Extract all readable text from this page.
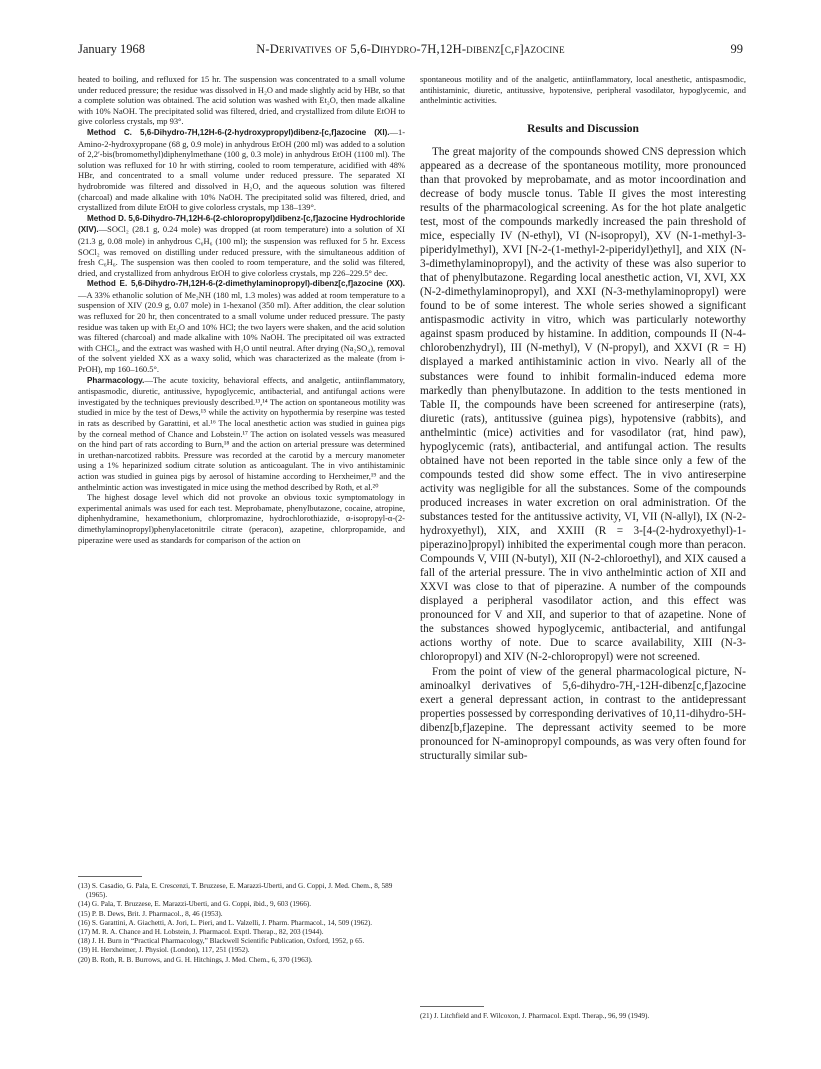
January 1968	N-Derivatives of 5,6-Dihydro-7H,12H-dibenz[c,f]azocine	99

heated to boiling, and refluxed for 15 hr. The suspension was concentrated to a small volume under reduced pressure; the residue was dissolved in H₂O and made slightly acid by HBr, so that a complete solution was obtained. The acid solution was washed with Et₂O, then made alkaline with 10% NaOH. The precipitated solid was filtered, dried, and crystallized from dilute EtOH to give colorless crystals, mp 93°.

Method C. 5,6-Dihydro-7H,12H-6-(2-hydroxypropyl)dibenz-[c,f]azocine (XI).—1-Amino-2-hydroxypropane (68 g, 0.9 mole) in anhydrous EtOH (200 ml) was added to a solution of 2,2′-bis(bromomethyl)diphenylmethane (100 g, 0.3 mole) in anhydrous EtOH (1100 ml). The solution was refluxed for 10 hr with stirring, cooled to room temperature, acidified with 48% HBr, and concentrated to a small volume under reduced pressure. The separated XI hydrobromide was filtered and dissolved in H₂O, and the aqueous solution was filtered (charcoal) and made alkaline with 10% NaOH. The precipitated solid was filtered, dried, and crystallized from dilute EtOH to give colorless crystals, mp 138–139°.

Method D. 5,6-Dihydro-7H,12H-6-(2-chloropropyl)dibenz-[c,f]azocine Hydrochloride (XIV).—SOCl₂ (28.1 g, 0.24 mole) was dropped (at room temperature) into a solution of XI (21.3 g, 0.08 mole) in anhydrous C₆H₆ (100 ml); the suspension was refluxed for 5 hr. Excess SOCl₂ was removed on distilling under reduced pressure, with the simultaneous addition of fresh C₆H₆. The suspension was then cooled to room temperature, and the solid was filtered, dried, and crystallized from anhydrous EtOH to give colorless crystals, mp 226–229.5° dec.

Method E. 5,6-Dihydro-7H,12H-6-(2-dimethylaminopropyl)-dibenz[c,f]azocine (XX).—A 33% ethanolic solution of Me₂NH (180 ml, 1.3 moles) was added at room temperature to a suspension of XIV (20.9 g, 0.07 mole) in 1-hexanol (350 ml). After addition, the clear solution was refluxed for 20 hr, then concentrated to a small volume under reduced pressure. The pasty residue was taken up with Et₂O and 10% HCl; the two layers were shaken, and the acid solution was filtered (charcoal) and made alkaline with 10% NaOH. The precipitated oil was extracted with CHCl₃, and the extract was washed with H₂O until neutral. After drying (Na₂SO₄), removal of the solvent yielded XX as a waxy solid, which was characterized as the maleate (from i-PrOH), mp 160–160.5°.

Pharmacology.—The acute toxicity, behavioral effects, and analgetic, antiinflammatory, antispasmodic, diuretic, antitussive, hypoglycemic, antibacterial, and antifungal actions were investigated by the techniques previously described.¹³,¹⁴ The action on spontaneous motility was studied in mice by the test of Dews,¹⁵ while the activity on hypothermia by reserpine was tested in rats as described by Garattini, et al.¹⁶ The local anesthetic action was studied in guinea pigs by the corneal method of Chance and Lobstein.¹⁷ The action on isolated vessels was measured on the hind part of rats according to Burn,¹⁸ and the action on arterial pressure was determined in urethan-narcotized rabbits. Pressure was recorded at the carotid by a mercury manometer using a 1% heparinized sodium citrate solution as anticoagulant. The in vivo antihistaminic action was studied in guinea pigs by aerosol of histamine according to Herxheimer,¹⁹ and the anthelmintic action was investigated in mice using the method described by Roth, et al.²⁰

The highest dosage level which did not provoke an obvious toxic symptomatology in experimental animals was used for each test. Meprobamate, phenylbutazone, cocaine, atropine, diphenhydramine, hexamethonium, chlorpromazine, hydrochlorothiazide, α-isopropyl-α-(2-dimethylaminopropyl)phenylacetonitrile citrate (peracon), azapetine, chlorpropamide, and piperazine were used as standards for comparison of the action on

(13) S. Casadio, G. Pala, E. Crescenzi, T. Bruzzese, E. Marazzi-Uberti, and G. Coppi, J. Med. Chem., 8, 589 (1965).

(14) G. Pala, T. Bruzzese, E. Marazzi-Uberti, and G. Coppi, ibid., 9, 603 (1966).

(15) P. B. Dews, Brit. J. Pharmacol., 8, 46 (1953).

(16) S. Garattini, A. Giachetti, A. Jori, L. Pieri, and L. Valzelli, J. Pharm. Pharmacol., 14, 509 (1962).

(17) M. R. A. Chance and H. Lobstein, J. Pharmacol. Exptl. Therap., 82, 203 (1944).

(18) J. H. Burn in “Practical Pharmacology,” Blackwell Scientific Publication, Oxford, 1952, p 65.

(19) H. Herxheimer, J. Physiol. (London), 117, 251 (1952).

(20) B. Roth, R. B. Burrows, and G. H. Hitchings, J. Med. Chem., 6, 370 (1963).

spontaneous motility and of the analgetic, antiinflammatory, local anesthetic, antispasmodic, antihistaminic, diuretic, antitussive, hypotensive, peripheral vasodilator, hypoglycemic, and anthelmintic activities.

Results and Discussion

The great majority of the compounds showed CNS depression which appeared as a decrease of the spontaneous motility, more pronounced than that provoked by meprobamate, and as motor incoordination and decrease of body muscle tonus. Table II gives the most interesting results of the pharmacological screening. As for the hot plate analgetic test, most of the compounds markedly increased the pain threshold of mice, especially IV (N-ethyl), VI (N-isopropyl), XV (N-1-methyl-3-piperidylmethyl), XVI [N-2-(1-methyl-2-piperidyl)ethyl], and XIX (N-3-dimethylaminopropyl), and the activity of these was also superior to that of phenylbutazone. Regarding local anesthetic action, VI, XVI, XX (N-2-dimethylaminopropyl), and XXI (N-3-methylaminopropyl) were found to be of some interest. The whole series showed a significant antispasmodic activity in vitro, which was particularly noteworthy against spasm produced by histamine. In addition, compounds II (N-4-chlorobenzhydryl), III (N-methyl), V (N-propyl), and XXVI (R = H) displayed a marked antihistaminic action in vivo. Nearly all of the substances were found to inhibit formalin-induced edema more markedly than phenylbutazone. In addition to the tests mentioned in Table II, the compounds have been screened for antireserpine (rats), diuretic (rats), antitussive (guinea pigs), hypotensive (rabbits), and anthelmintic (mice) activities and for vasodilator (rat, hind paw), hypoglycemic (rats), antibacterial, and antifungal action. The results obtained have not been reported in the table since only a few of the compounds tested did show some effect. The in vivo antireserpine activity was negligible for all the substances. Some of the compounds produced increases in water excretion on oral administration. Of the substances tested for the antitussive activity, VI, VII (N-allyl), IX (N-2-hydroxyethyl), XIX, and XXIII (R = 3-[4-(2-hydroxyethyl)-1-piperazino]propyl) inhibited the experimental cough more than peracon. Compounds V, VIII (N-butyl), XII (N-2-chloroethyl), and XIX caused a fall of the arterial pressure. The in vivo anthelmintic action of XII and XXVI was close to that of piperazine. A number of the compounds displayed a peripheral vasodilator action, and this effect was pronounced for V and XII, and superior to that of azapetine. None of the substances showed hypoglycemic, antibacterial, and antifungal actions worthy of note. Due to scarce availability, XIII (N-3-chloropropyl) and XIV (N-2-chloropropyl) were not screened.

From the point of view of the general pharmacological picture, N-aminoalkyl derivatives of 5,6-dihydro-7H,-12H-dibenz[c,f]azocine exert a general depressant action, in contrast to the antidepressant properties possessed by corresponding derivatives of 10,11-dihydro-5H-dibenz[b,f]azepine. The depressant activity seemed to be more pronounced for N-aminopropyl compounds, as was very often found for structurally similar sub-

(21) J. Litchfield and F. Wilcoxon, J. Pharmacol. Exptl. Therap., 96, 99 (1949).
